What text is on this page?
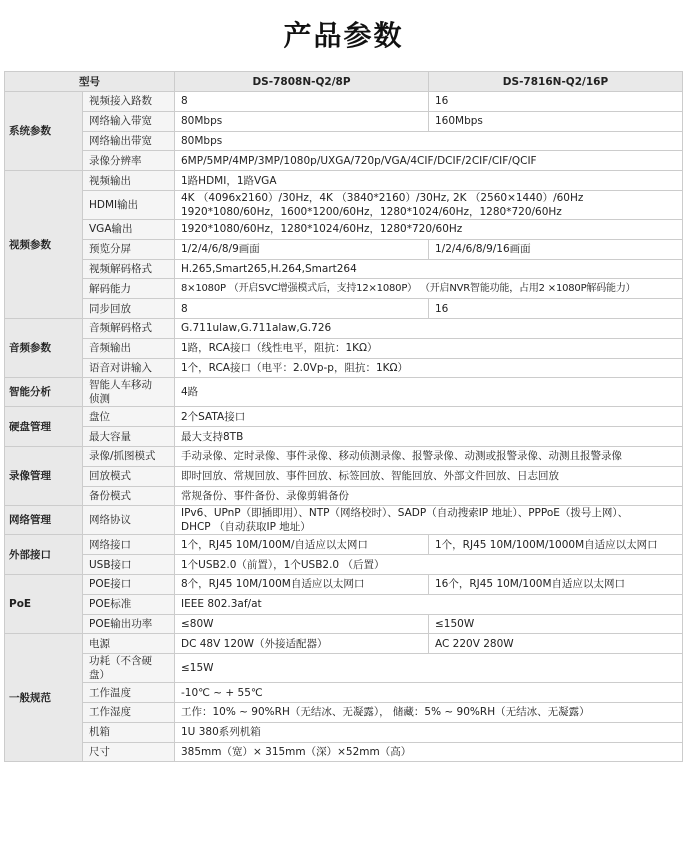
产品参数
型号		DS-7808N-Q2/8P	DS-7816N-Q2/16P
系统参数	视频接入路数	8	16
	网络输入带宽	80Mbps	160Mbps
	网络输出带宽	80Mbps	
	录像分辨率	6MP/5MP/4MP/3MP/1080p/UXGA/720p/VGA/4CIF/DCIF/2CIF/CIF/QCIF	
视频参数	视频输出	1路HDMI，1路VGA	
	HDMI输出	4K （4096x2160）/30Hz，4K （3840*2160）/30Hz, 2K （2560×1440）/60Hz
1920*1080/60Hz，1600*1200/60Hz，1280*1024/60Hz，1280*720/60Hz	

	VGA输出	1920*1080/60Hz，1280*1024/60Hz，1280*720/60Hz	
	预览分屏	1/2/4/6/8/9画面	1/2/4/6/8/9/16画面
	视频解码格式	H.265,Smart265,H.264,Smart264	
	解码能力	8×1080P （开启SVC增强模式后，支持12×1080P） （开启NVR智能功能，占用2 ×1080P解码能力）	
	同步回放	8	16
音频参数	音频解码格式	G.711ulaw,G.711alaw,G.726	
	音频输出	1路，RCA接口（线性电平，阻抗：1KΩ）	
	语音对讲输入	1个，RCA接口（电平：2.0Vp-p，阻抗：1KΩ）	
智能分析	智能人车移动
侦测	4路	
硬盘管理	盘位	2个SATA接口	
	最大容量	最大支持8TB	
录像管理	录像/抓图模式	手动录像、定时录像、事件录像、移动侦测录像、报警录像、动测或报警录像、动测且报警录像	
	回放模式	即时回放、常规回放、事件回放、标签回放、智能回放、外部文件回放、日志回放	
	备份模式	常规备份、事件备份、录像剪辑备份	
网络管理	网络协议	IPv6、UPnP（即插即用）、NTP（网络校时）、SADP（自动搜索IP 地址）、PPPoE（拨号上网）、
DHCP （自动获取IP 地址）	

外部接口	网络接口	1个，RJ45 10M/100M/自适应以太网口	1个，RJ45 10M/100M/1000M自适应以太网口
	USB接口	1个USB2.0（前置），1个USB2.0 （后置）	
PoE	POE接口	8个，RJ45 10M/100M自适应以太网口	16个，RJ45 10M/100M自适应以太网口
	POE标准	IEEE 802.3af/at	
	POE输出功率	≤80W	≤150W
一般规范	电源	DC 48V 120W（外接适配器）	AC 220V 280W

	功耗（不含硬
盘）	≤15W	
	工作温度	-10℃ ~ + 55℃	
	工作湿度	工作：10% ~ 90%RH（无结冰、无凝露）， 储藏：5% ~ 90%RH（无结冰、无凝露）	
	机箱	1U 380系列机箱	
	尺寸	385mm（宽）× 315mm（深）×52mm（高）	
